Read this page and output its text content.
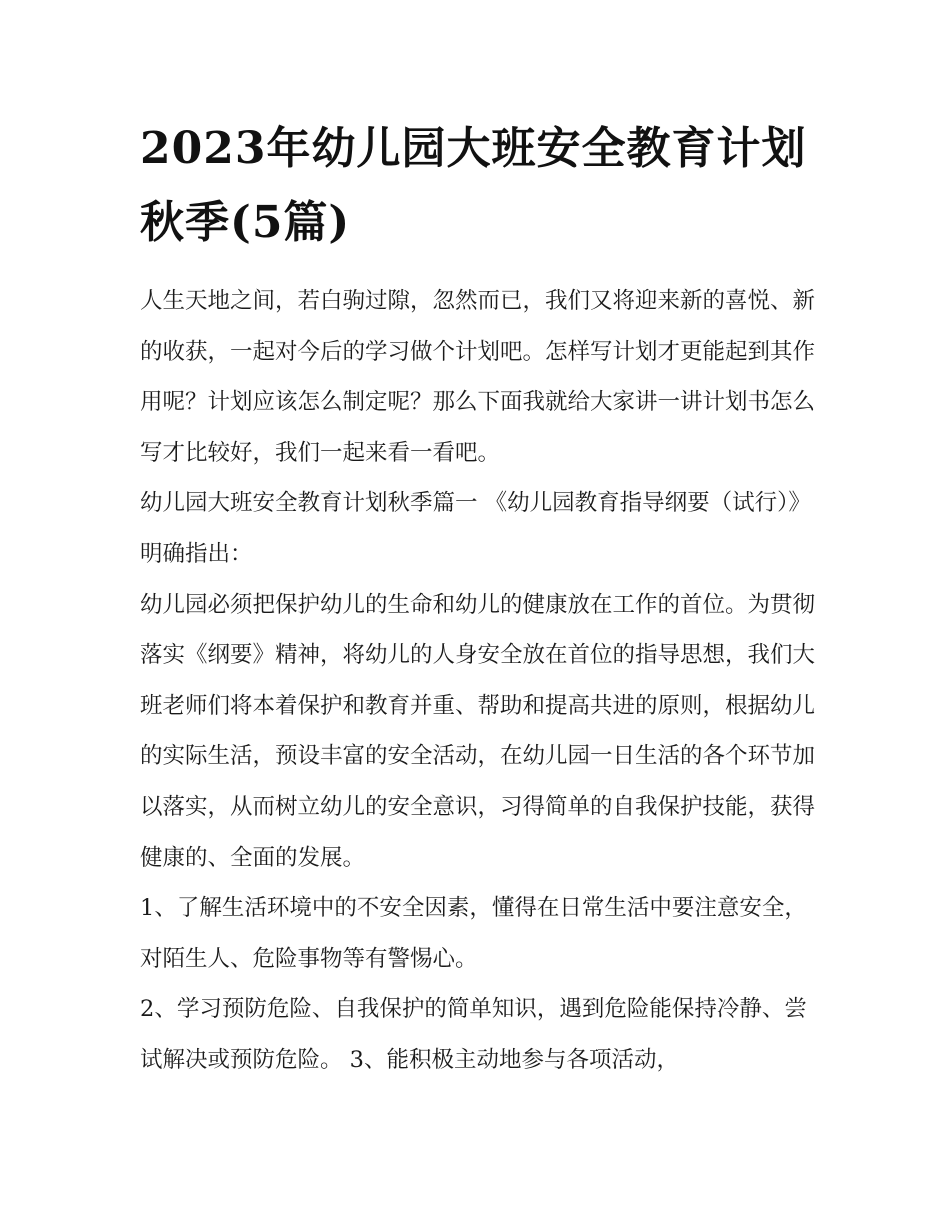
2023年幼儿园大班安全教育计划秋季(5篇)

人生天地之间，若白驹过隙，忽然而已，我们又将迎来新的喜悦、新的收获，一起对今后的学习做个计划吧。怎样写计划才更能起到其作用呢？计划应该怎么制定呢？那么下面我就给大家讲一讲计划书怎么写才比较好，我们一起来看一看吧。

幼儿园大班安全教育计划秋季篇一 《幼儿园教育指导纲要（试行）》明确指出：

幼儿园必须把保护幼儿的生命和幼儿的健康放在工作的首位。为贯彻落实《纲要》精神，将幼儿的人身安全放在首位的指导思想，我们大班老师们将本着保护和教育并重、帮助和提高共进的原则，根据幼儿的实际生活，预设丰富的安全活动，在幼儿园一日生活的各个环节加以落实，从而树立幼儿的安全意识，习得简单的自我保护技能，获得健康的、全面的发展。

1、了解生活环境中的不安全因素，懂得在日常生活中要注意安全，对陌生人、危险事物等有警惕心。

2、学习预防危险、自我保护的简单知识，遇到危险能保持冷静、尝试解决或预防危险。 3、能积极主动地参与各项活动，
